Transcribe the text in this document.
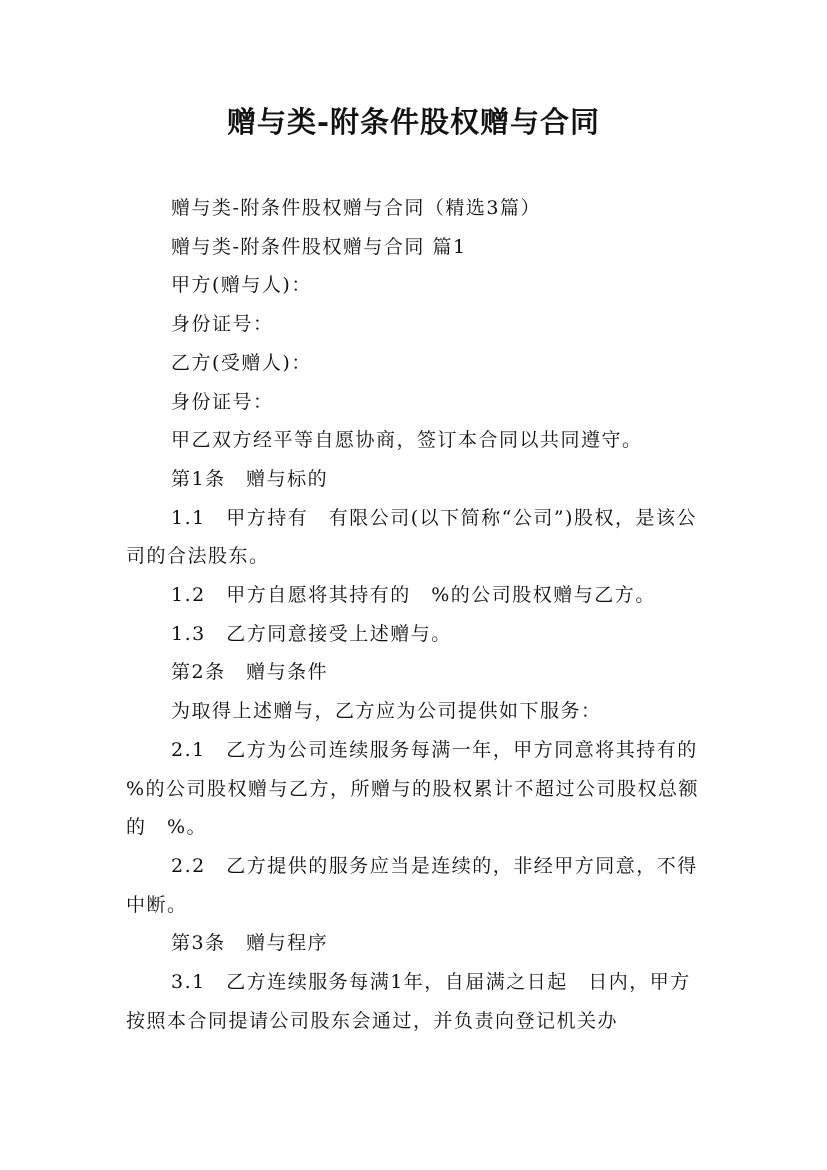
赠与类-附条件股权赠与合同

赠与类-附条件股权赠与合同（精选3篇）

赠与类-附条件股权赠与合同 篇1

甲方(赠与人)：

身份证号：

乙方(受赠人)：

身份证号：

甲乙双方经平等自愿协商，签订本合同以共同遵守。

第1条　赠与标的

1.1　甲方持有　有限公司(以下简称“公司”)股权，是该公司的合法股东。

1.2　甲方自愿将其持有的　%的公司股权赠与乙方。

1.3　乙方同意接受上述赠与。

第2条　赠与条件

为取得上述赠与，乙方应为公司提供如下服务：

2.1　乙方为公司连续服务每满一年，甲方同意将其持有的　%的公司股权赠与乙方，所赠与的股权累计不超过公司股权总额的　%。

2.2　乙方提供的服务应当是连续的，非经甲方同意，不得中断。

第3条　赠与程序

3.1　乙方连续服务每满1年，自届满之日起　日内，甲方按照本合同提请公司股东会通过，并负责向登记机关办
